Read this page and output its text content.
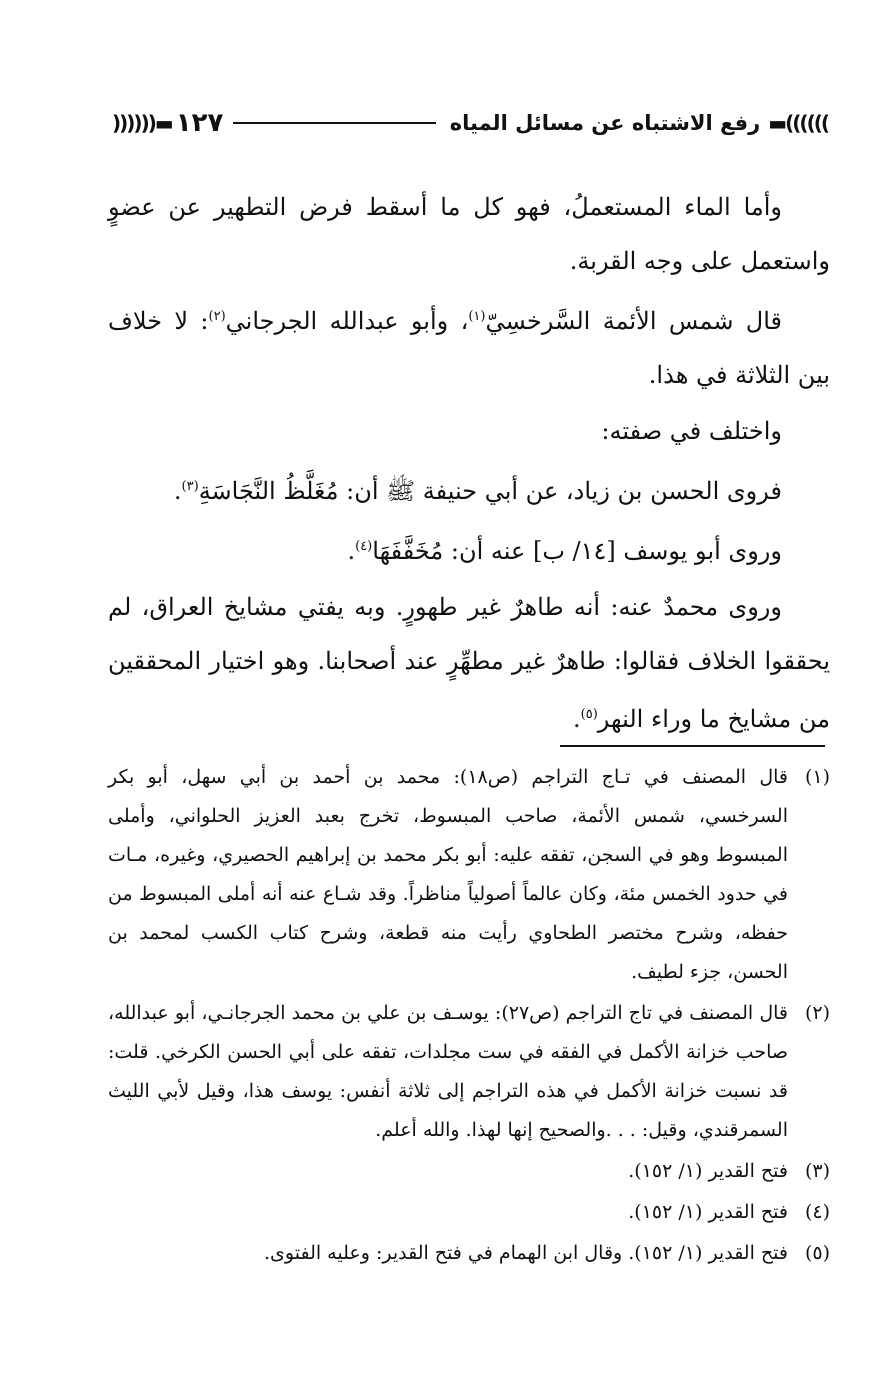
▬((((((
رفع الاشتباه عن مسائل المياه
١٢٧
))))))▬

وأما الماء المستعملُ، فهو كل ما أسقط فرض التطهير عن عضوٍ واستعمل على وجه القربة.

قال شمس الأئمة السَّرخسِيّ$^{(١)}$، وأبو عبدالله الجرجاني$^{(٢)}$: لا خلاف بين الثلاثة في هذا.

واختلف في صفته:

فروى الحسن بن زياد، عن أبي حنيفة ﷺ أن: مُغَلَّظُ النَّجَاسَةِ$^{(٣)}$.

وروى أبو يوسف [١٤/ ب] عنه أن: مُخَفَّفَهَا$^{(٤)}$.

وروى محمدٌ عنه: أنه طاهرٌ غير طهورٍ. وبه يفتي مشايخ العراق، لم يحققوا الخلاف فقالوا: طاهرٌ غير مطهِّرٍ عند أصحابنا. وهو اختيار المحققين من مشايخ ما وراء النهر$^{(٥)}$.

(١)
قال المصنف في تـاج التراجم (ص١٨): محمد بن أحمد بن أبي سهل، أبو بكر السرخسي، شمس الأئمة، صاحب المبسوط، تخرج بعبد العزيز الحلواني، وأملى المبسوط وهو في السجن، تفقه عليه: أبو بكر محمد بن إبراهيم الحصيري، وغيره، مـات في حدود الخمس مئة، وكان عالماً أصولياً مناظراً. وقد شـاع عنه أنه أملى المبسوط من حفظه، وشرح مختصر الطحاوي رأيت منه قطعة، وشرح كتاب الكسب لمحمد بن الحسن، جزء لطيف.
(٢)
قال المصنف في تاج التراجم (ص٢٧): يوسـف بن علي بن محمد الجرجانـي، أبو عبدالله، صاحب خزانة الأكمل في الفقه في ست مجلدات، تفقه على أبي الحسن الكرخي. قلت: قد نسبت خزانة الأكمل في هذه التراجم إلى ثلاثة أنفس: يوسف هذا، وقيل لأبي الليث السمرقندي، وقيل: . . .والصحيح إنها لهذا. والله أعلم.
(٣)
فتح القدير (١/ ١٥٢).
(٤)
فتح القدير (١/ ١٥٢).
(٥)
فتح القدير (١/ ١٥٢). وقال ابن الهمام في فتح القدير: وعليه الفتوى.
